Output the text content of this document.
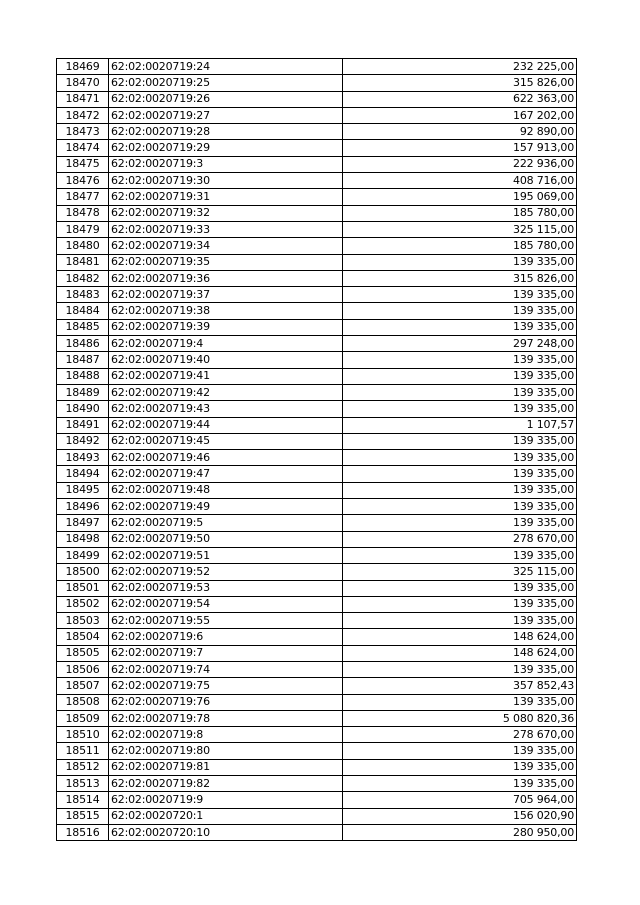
18469	62:02:0020719:24	232 225,00
18470	62:02:0020719:25	315 826,00
18471	62:02:0020719:26	622 363,00
18472	62:02:0020719:27	167 202,00
18473	62:02:0020719:28	92 890,00
18474	62:02:0020719:29	157 913,00
18475	62:02:0020719:3	222 936,00
18476	62:02:0020719:30	408 716,00
18477	62:02:0020719:31	195 069,00
18478	62:02:0020719:32	185 780,00
18479	62:02:0020719:33	325 115,00
18480	62:02:0020719:34	185 780,00
18481	62:02:0020719:35	139 335,00
18482	62:02:0020719:36	315 826,00
18483	62:02:0020719:37	139 335,00
18484	62:02:0020719:38	139 335,00
18485	62:02:0020719:39	139 335,00
18486	62:02:0020719:4	297 248,00
18487	62:02:0020719:40	139 335,00
18488	62:02:0020719:41	139 335,00
18489	62:02:0020719:42	139 335,00
18490	62:02:0020719:43	139 335,00
18491	62:02:0020719:44	1 107,57
18492	62:02:0020719:45	139 335,00
18493	62:02:0020719:46	139 335,00
18494	62:02:0020719:47	139 335,00
18495	62:02:0020719:48	139 335,00
18496	62:02:0020719:49	139 335,00
18497	62:02:0020719:5	139 335,00
18498	62:02:0020719:50	278 670,00
18499	62:02:0020719:51	139 335,00
18500	62:02:0020719:52	325 115,00
18501	62:02:0020719:53	139 335,00
18502	62:02:0020719:54	139 335,00
18503	62:02:0020719:55	139 335,00
18504	62:02:0020719:6	148 624,00
18505	62:02:0020719:7	148 624,00
18506	62:02:0020719:74	139 335,00
18507	62:02:0020719:75	357 852,43
18508	62:02:0020719:76	139 335,00
18509	62:02:0020719:78	5 080 820,36
18510	62:02:0020719:8	278 670,00
18511	62:02:0020719:80	139 335,00
18512	62:02:0020719:81	139 335,00
18513	62:02:0020719:82	139 335,00
18514	62:02:0020719:9	705 964,00
18515	62:02:0020720:1	156 020,90
18516	62:02:0020720:10	280 950,00
